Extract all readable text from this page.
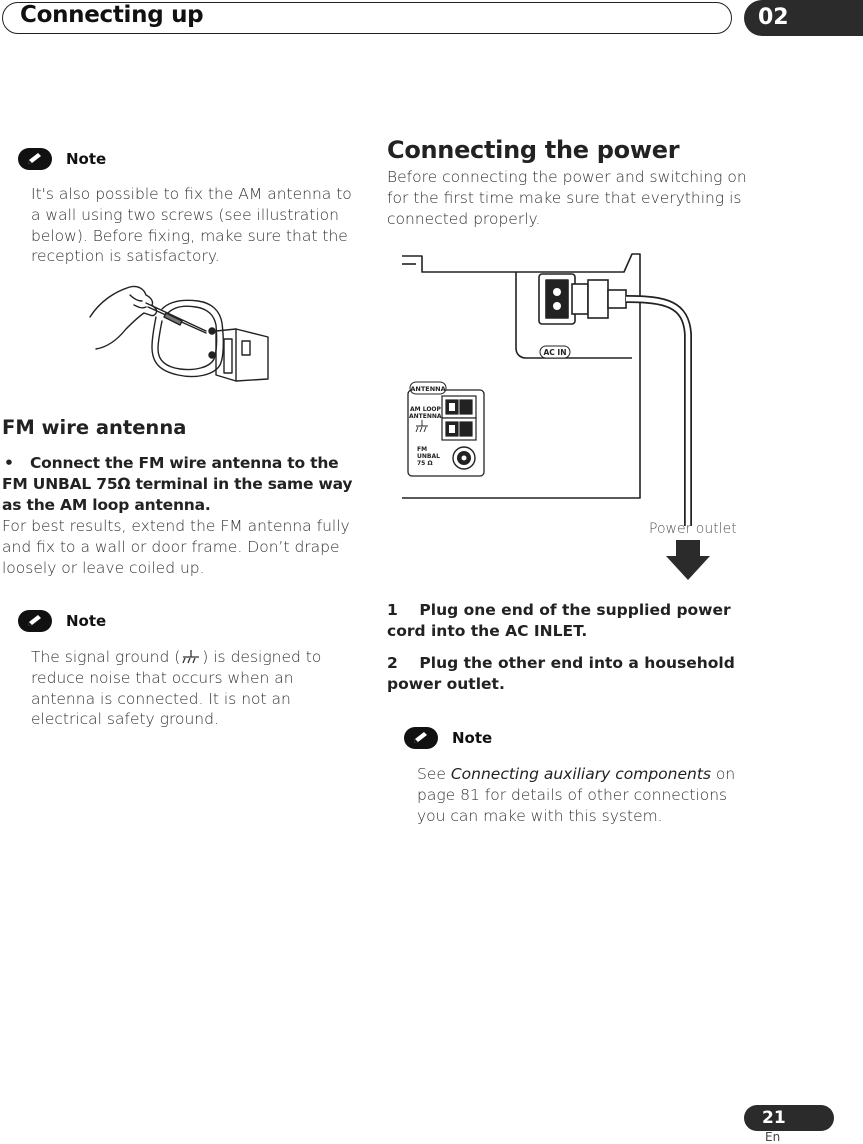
Connecting up	02
Note
It's also possible to fix the AM antenna to a wall using two screws (see illustration below). Before fixing, make sure that the reception is satisfactory.
FM wire antenna
•	Connect the FM wire antenna to the FM UNBAL 75Ω terminal in the same way as the AM loop antenna.
For best results, extend the FM antenna fully and fix to a wall or door frame. Don’t drape loosely or leave coiled up.
Note
The signal ground ( ) is designed to reduce noise that occurs when an antenna is connected. It is not an electrical safety ground.
Connecting the power
Before connecting the power and switching on for the first time make sure that everything is connected properly.
AC IN
ANTENNA
AM LOOP
ANTENNA
FM
UNBAL
75 Ω
Power outlet
1 Plug one end of the supplied power cord into the AC INLET.
2 Plug the other end into a household power outlet.
Note
See Connecting auxiliary components on page 81 for details of other connections you can make with this system.
21
En
